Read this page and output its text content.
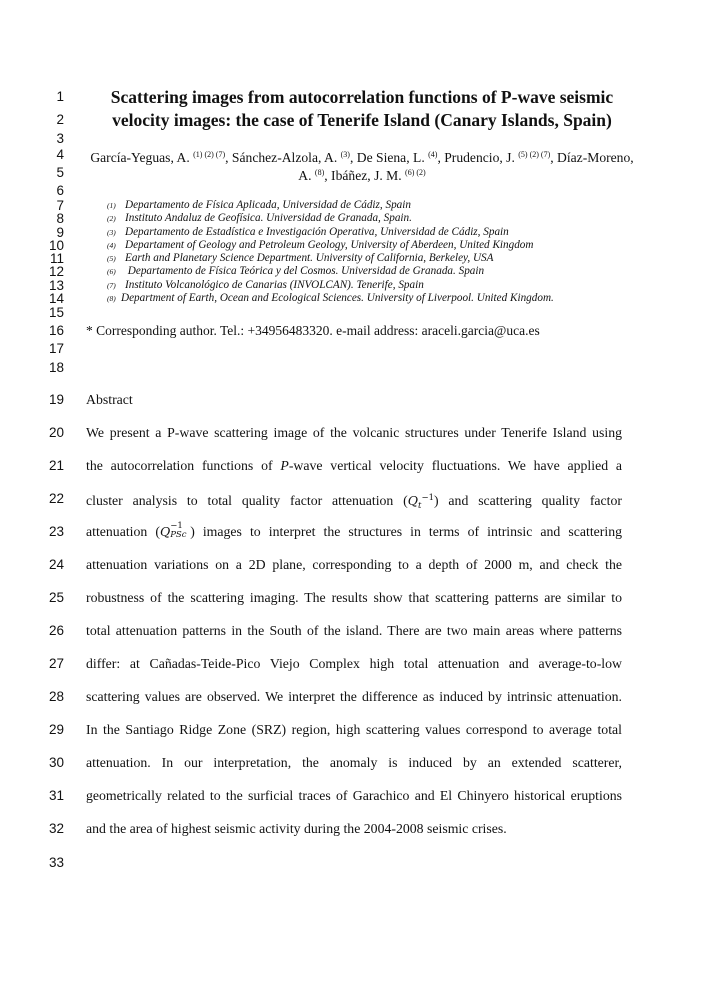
1
2
3
4
5
6
7
8
9
10
11
12
13
14
15
16
17
18
19
20
21
22
23
24
25
26
27
28
29
30
31
32
33
Scattering images from autocorrelation functions of P-wave seismic
velocity images: the case of Tenerife Island (Canary Islands, Spain)
García-Yeguas, A. $^{(1) (2) (7)}$, Sánchez-Alzola, A. $^{(3)}$, De Siena, L. $^{(4)}$, Prudencio, J. $^{(5) (2) (7)}$, Díaz-Moreno,
A. $^{(8)}$, Ibáñez, J. M. $^{(6) (2)}$
(1) Departamento de Física Aplicada, Universidad de Cádiz, Spain
(2) Instituto Andaluz de Geofísica. Universidad de Granada, Spain.
(3) Departamento de Estadística e Investigación Operativa, Universidad de Cádiz, Spain
(4) Departament of Geology and Petroleum Geology, University of Aberdeen, United Kingdom
(5) Earth and Planetary Science Department. University of California, Berkeley, USA
(6) Departamento de Física Teórica y del Cosmos. Universidad de Granada. Spain
(7) Instituto Volcanológico de Canarias (INVOLCAN). Tenerife, Spain
(8) Department of Earth, Ocean and Ecological Sciences. University of Liverpool. United Kingdom.
* Corresponding author. Tel.: +34956483320. e-mail address: araceli.garcia@uca.es
Abstract
We present a P-wave scattering image of the volcanic structures under Tenerife Island using
the autocorrelation functions of P-wave vertical velocity fluctuations. We have applied a
cluster analysis to total quality factor attenuation $(Q_t^{-1})$ and scattering quality factor
attenuation (Q −1
PSc ) images to interpret the structures in terms of intrinsic and scattering
attenuation variations on a 2D plane, corresponding to a depth of 2000 m, and check the
robustness of the scattering imaging. The results show that scattering patterns are similar to
total attenuation patterns in the South of the island. There are two main areas where patterns
differ: at Cañadas-Teide-Pico Viejo Complex high total attenuation and average-to-low
scattering values are observed. We interpret the difference as induced by intrinsic attenuation.
In the Santiago Ridge Zone (SRZ) region, high scattering values correspond to average total
attenuation. In our interpretation, the anomaly is induced by an extended scatterer,
geometrically related to the surficial traces of Garachico and El Chinyero historical eruptions
and the area of highest seismic activity during the 2004-2008 seismic crises.
